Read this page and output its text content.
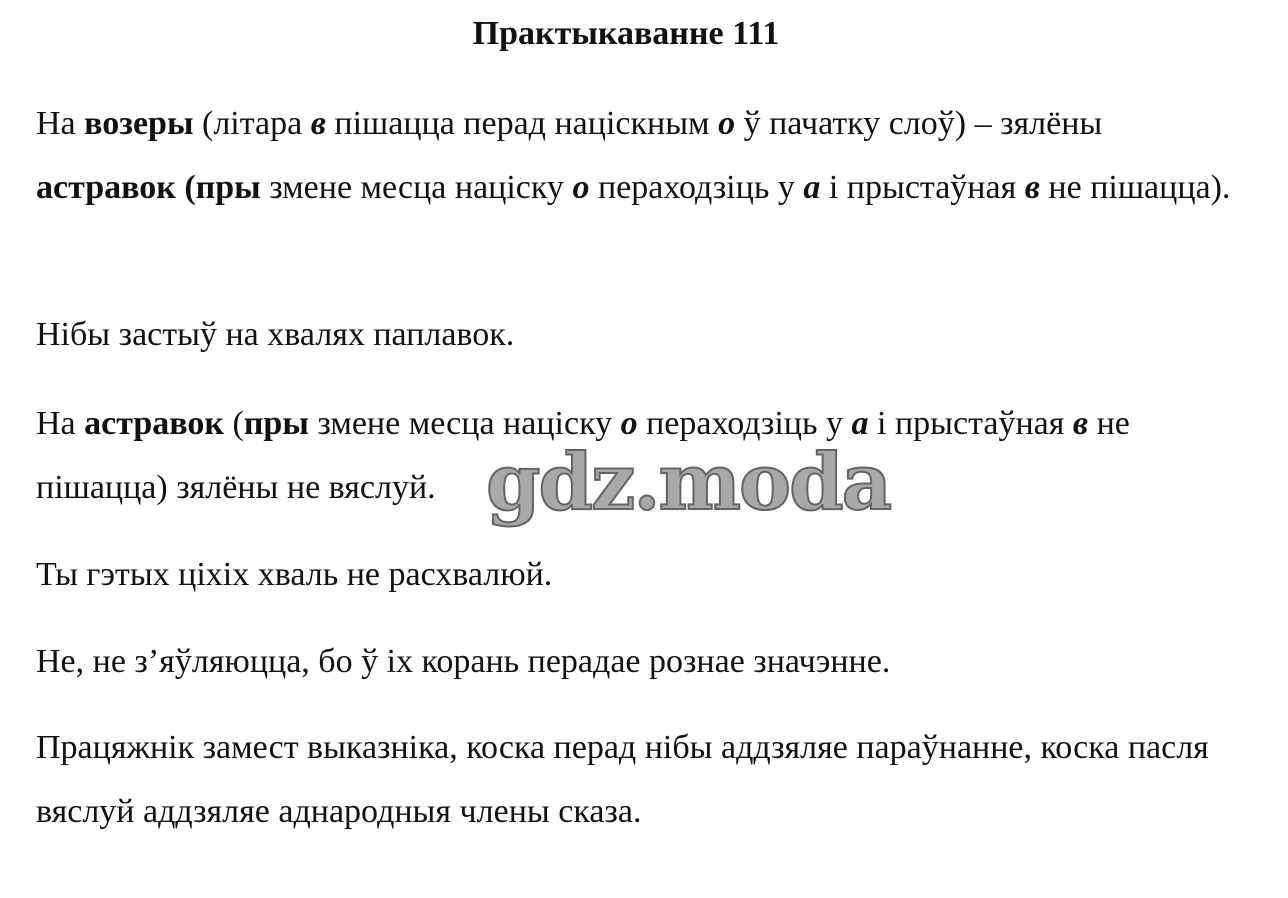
Практыкаванне 111

На возеры (літара в пішацца перад націскным о ў пачатку слоў) – зялёны астравок (пры змене месца націску о пераходзіць у а і прыстаўная в не пішацца).

Нібы застыў на хвалях паплавок.

На астравок (пры змене месца націску о пераходзіць у а і прыстаўная в не пішацца) зялёны не вяслуй.

Ты гэтых ціхіх хваль не расхвалюй.

Не, не з’яўляюцца, бо ў іх корань перадае рознае значэнне.

Працяжнік замест выказніка, коска перад нібы аддзяляе параўнанне, коска пасля вяслуй аддзяляе аднародныя члены сказа.

gdz.moda
